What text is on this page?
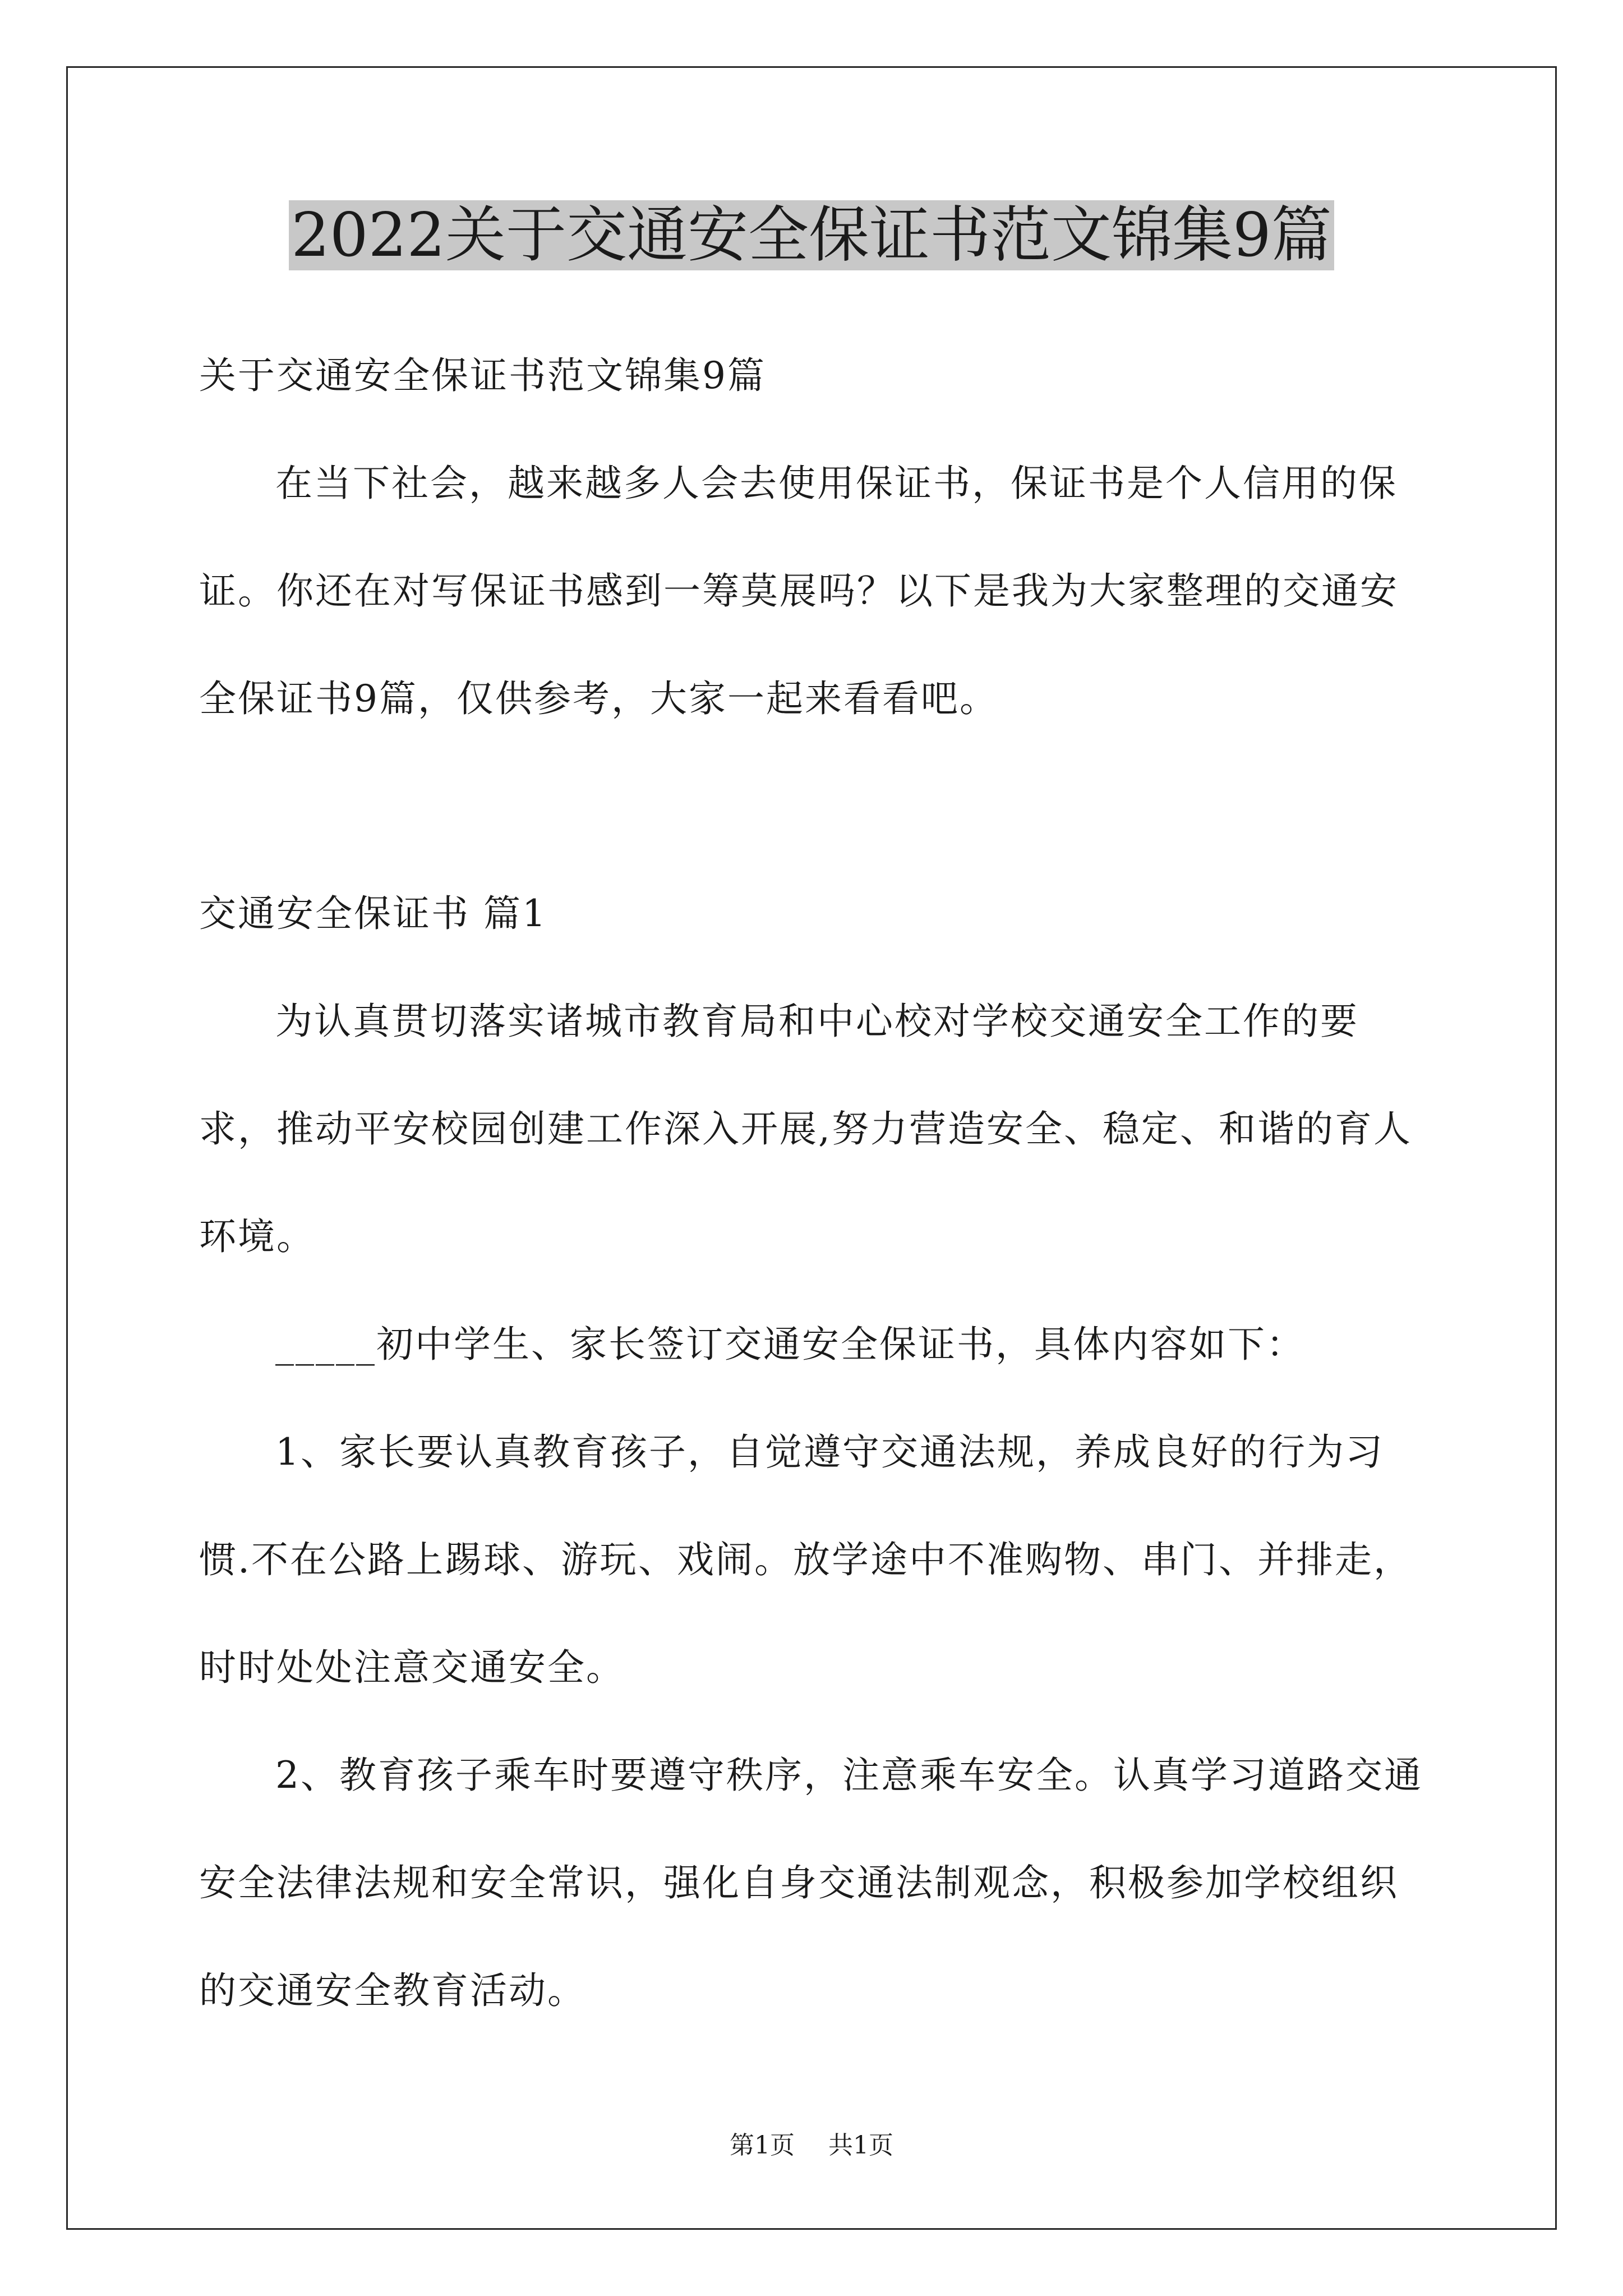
2022关于交通安全保证书范文锦集9篇

关于交通安全保证书范文锦集9篇

在当下社会，越来越多人会去使用保证书，保证书是个人信用的保证。你还在对写保证书感到一筹莫展吗？以下是我为大家整理的交通安全保证书9篇，仅供参考，大家一起来看看吧。

交通安全保证书 篇1

为认真贯切落实诸城市教育局和中心校对学校交通安全工作的要求，推动平安校园创建工作深入开展,努力营造安全、稳定、和谐的育人环境。

_____初中学生、家长签订交通安全保证书，具体内容如下：

1、家长要认真教育孩子，自觉遵守交通法规，养成良好的行为习惯.不在公路上踢球、游玩、戏闹。放学途中不准购物、串门、并排走，时时处处注意交通安全。

2、教育孩子乘车时要遵守秩序，注意乘车安全。认真学习道路交通安全法律法规和安全常识，强化自身交通法制观念，积极参加学校组织的交通安全教育活动。

第1页 共1页
